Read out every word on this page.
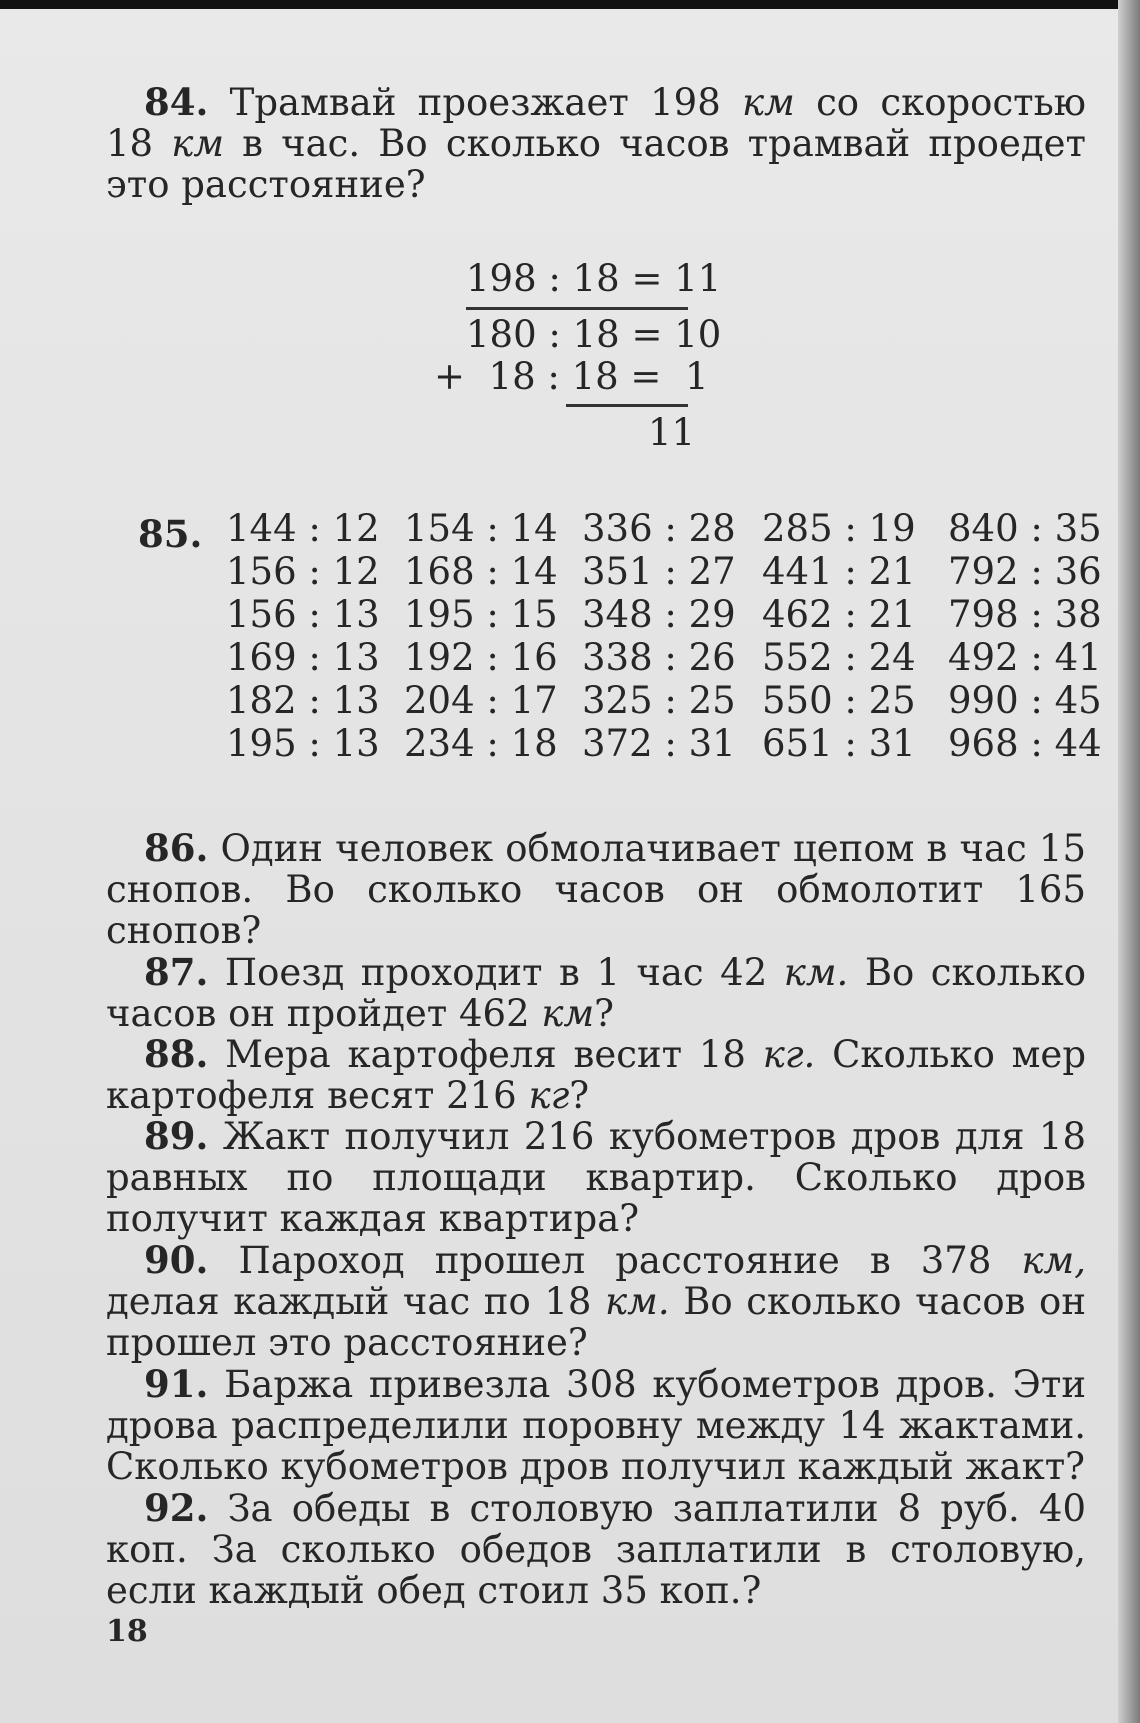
84. Трамвай проезжает 198 км со скоростью 18 км в час. Во сколько часов трамвай проедет это расстояние?

198 : 18 = 11
180 : 18 = 10
+  18 : 18 =  1
11
85. 144 : 12	154 : 14	336 : 28	285 : 19	840 : 35
156 : 12	168 : 14	351 : 27	441 : 21	792 : 36
156 : 13	195 : 15	348 : 29	462 : 21	798 : 38
169 : 13	192 : 16	338 : 26	552 : 24	492 : 41
182 : 13	204 : 17	325 : 25	550 : 25	990 : 45
195 : 13	234 : 18	372 : 31	651 : 31	968 : 44

86. Один человек обмолачивает цепом в час 15 снопов. Во сколько часов он обмолотит 165 снопов?

87. Поезд проходит в 1 час 42 км. Во сколько часов он пройдет 462 км?

88. Мера картофеля весит 18 кг. Сколько мер картофеля весят 216 кг?

89. Жакт получил 216 кубометров дров для 18 равных по площади квартир. Сколько дров получит каждая квартира?

90. Пароход прошел расстояние в 378 км, делая каждый час по 18 км. Во сколько часов он прошел это расстояние?

91. Баржа привезла 308 кубометров дров. Эти дрова распределили поровну между 14 жактами. Сколько кубометров дров получил каждый жакт?

92. За обеды в столовую заплатили 8 руб. 40 коп. За сколько обедов заплатили в столовую, если каждый обед стоил 35 коп.?

18
